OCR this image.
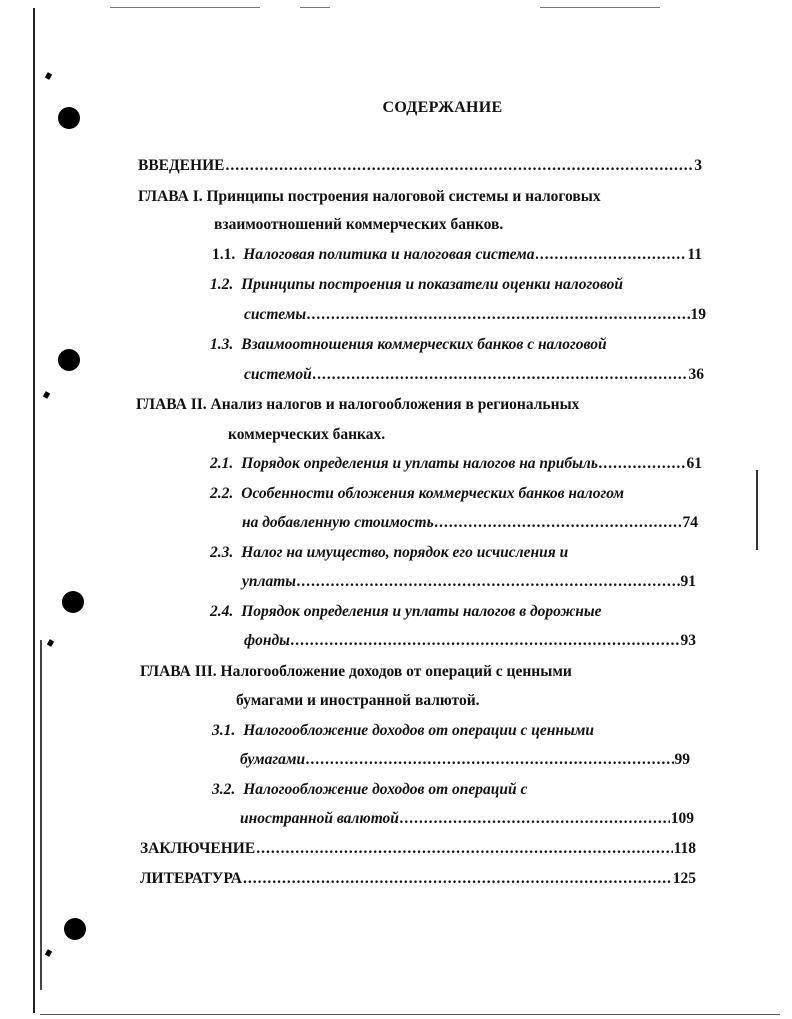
СОДЕРЖАНИЕ
ВВЕДЕНИЕ .....	3
ГЛАВА I. Принципы построения налоговой системы и налоговых
взаимоотношений коммерческих банков.
1.1. Налоговая политика и налоговая система .....	11
1.2. Принципы построения и показатели оценки налоговой
системы .....	19
1.3. Взаимоотношения коммерческих банков с налоговой
системой .....	36
ГЛАВА II. Анализ налогов и налогообложения в региональных
коммерческих банках.
2.1. Порядок определения и уплаты налогов на прибыль .....	61
2.2. Особенности обложения коммерческих банков налогом
на добавленную стоимость .....	74
2.3. Налог на имущество, порядок его исчисления и
уплаты .....	91
2.4. Порядок определения и уплаты налогов в дорожные
фонды .....	93
ГЛАВА III. Налогообложение доходов от операций с ценными
бумагами и иностранной валютой.
3.1. Налогообложение доходов от операции с ценными
бумагами .....	99
3.2. Налогообложение доходов от операций с
иностранной валютой .....	109
ЗАКЛЮЧЕНИЕ .....	118
ЛИТЕРАТУРА .....	125
